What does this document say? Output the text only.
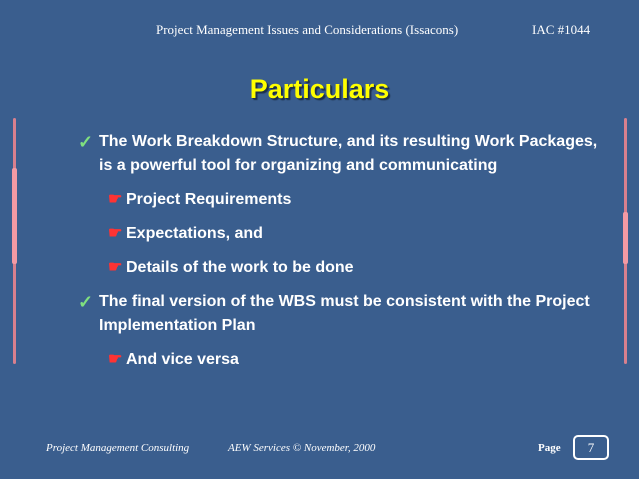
Project Management Issues and Considerations (Issacons)	IAC #1044
Particulars
✓ The Work Breakdown Structure, and its resulting Work Packages, is a powerful tool for organizing and communicating
☛ Project Requirements
☛ Expectations, and
☛ Details of the work to be done
✓ The final version of the WBS must be consistent with the Project Implementation Plan
☛ And vice versa
Project Management Consulting	AEW Services © November, 2000	Page	7
